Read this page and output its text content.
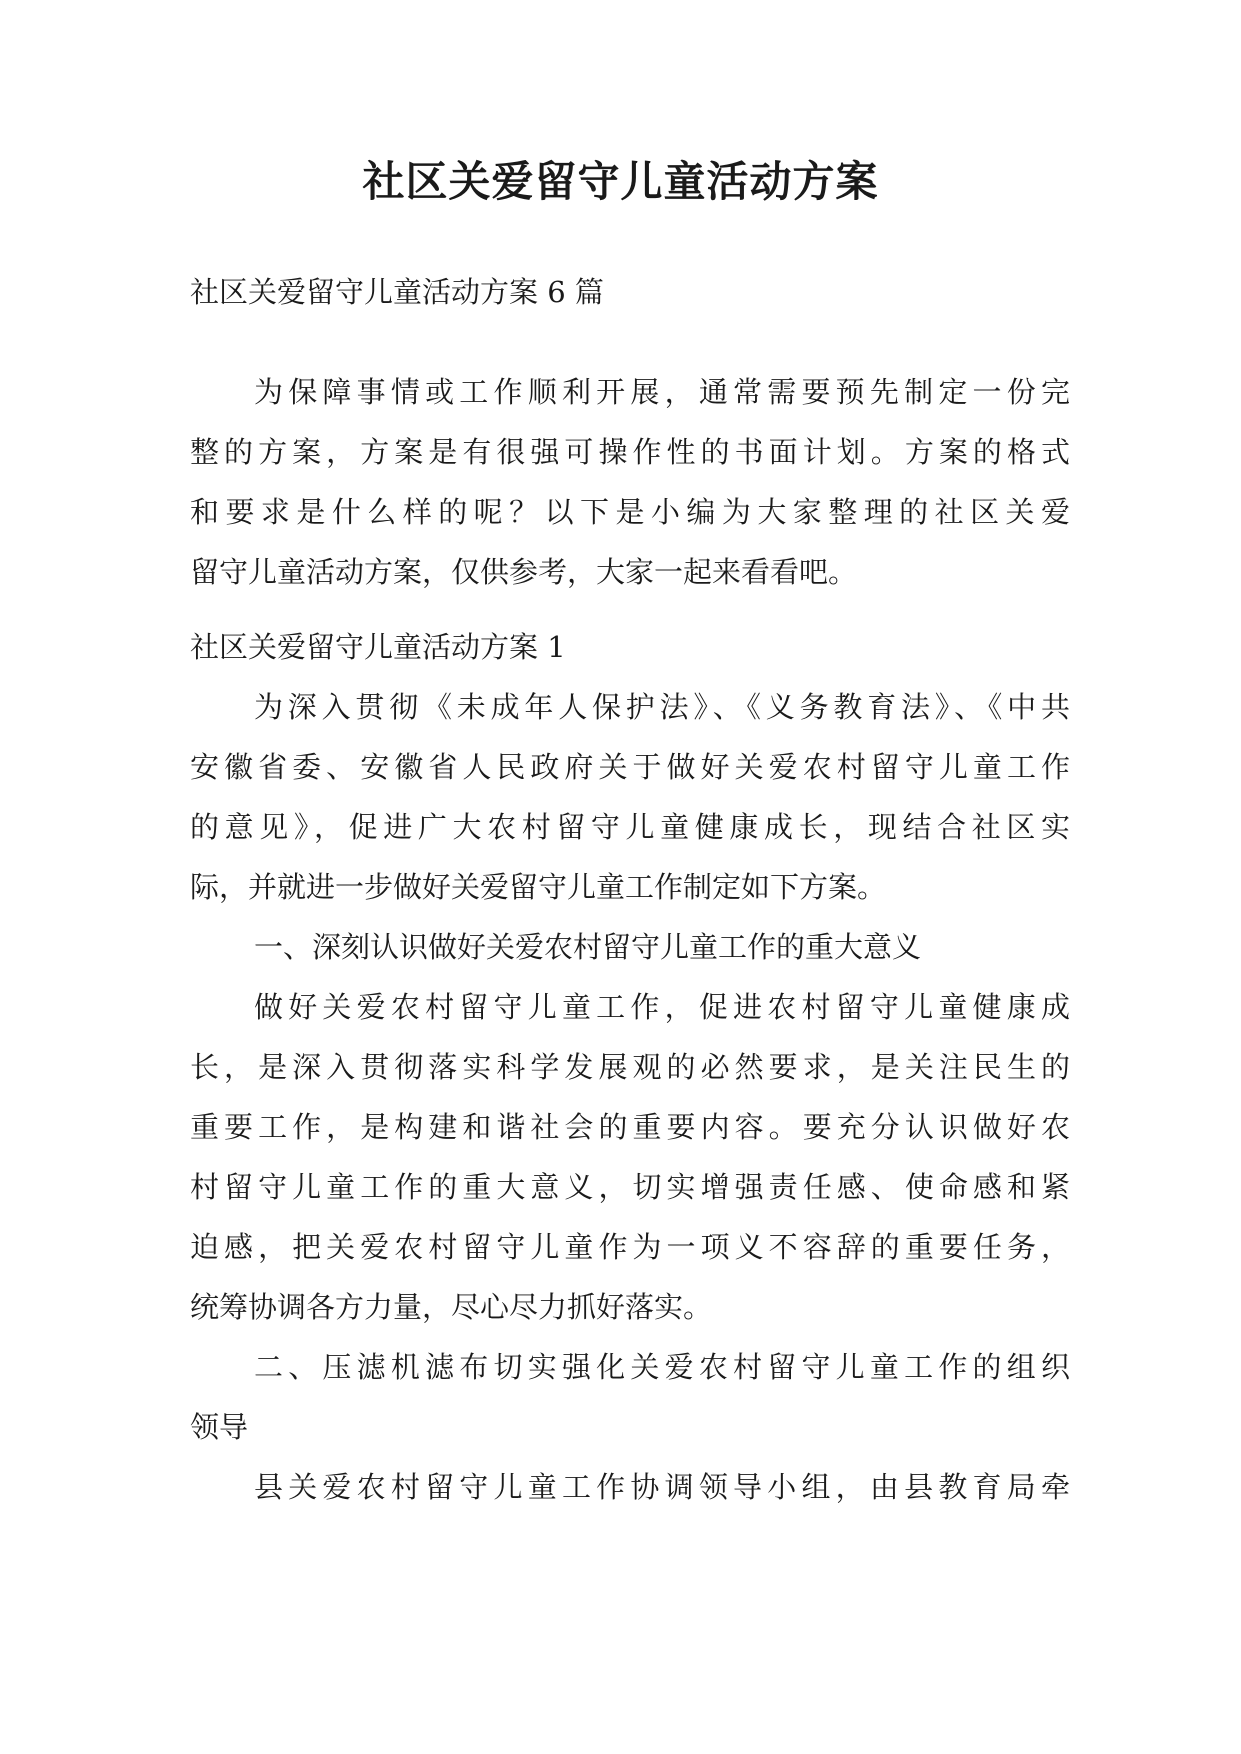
社区关爱留守儿童活动方案

社区关爱留守儿童活动方案 6 篇

为保障事情或工作顺利开展，通常需要预先制定一份完
整的方案，方案是有很强可操作性的书面计划。方案的格式
和要求是什么样的呢？以下是小编为大家整理的社区关爱
留守儿童活动方案，仅供参考，大家一起来看看吧。

社区关爱留守儿童活动方案 1

为深入贯彻《未成年人保护法》、《义务教育法》、《中共
安徽省委、安徽省人民政府关于做好关爱农村留守儿童工作
的意见》，促进广大农村留守儿童健康成长，现结合社区实
际，并就进一步做好关爱留守儿童工作制定如下方案。

一、深刻认识做好关爱农村留守儿童工作的重大意义

做好关爱农村留守儿童工作，促进农村留守儿童健康成
长，是深入贯彻落实科学发展观的必然要求，是关注民生的
重要工作，是构建和谐社会的重要内容。要充分认识做好农
村留守儿童工作的重大意义，切实增强责任感、使命感和紧
迫感，把关爱农村留守儿童作为一项义不容辞的重要任务，
统筹协调各方力量，尽心尽力抓好落实。

二、压滤机滤布切实强化关爱农村留守儿童工作的组织
领导

县关爱农村留守儿童工作协调领导小组，由县教育局牵
